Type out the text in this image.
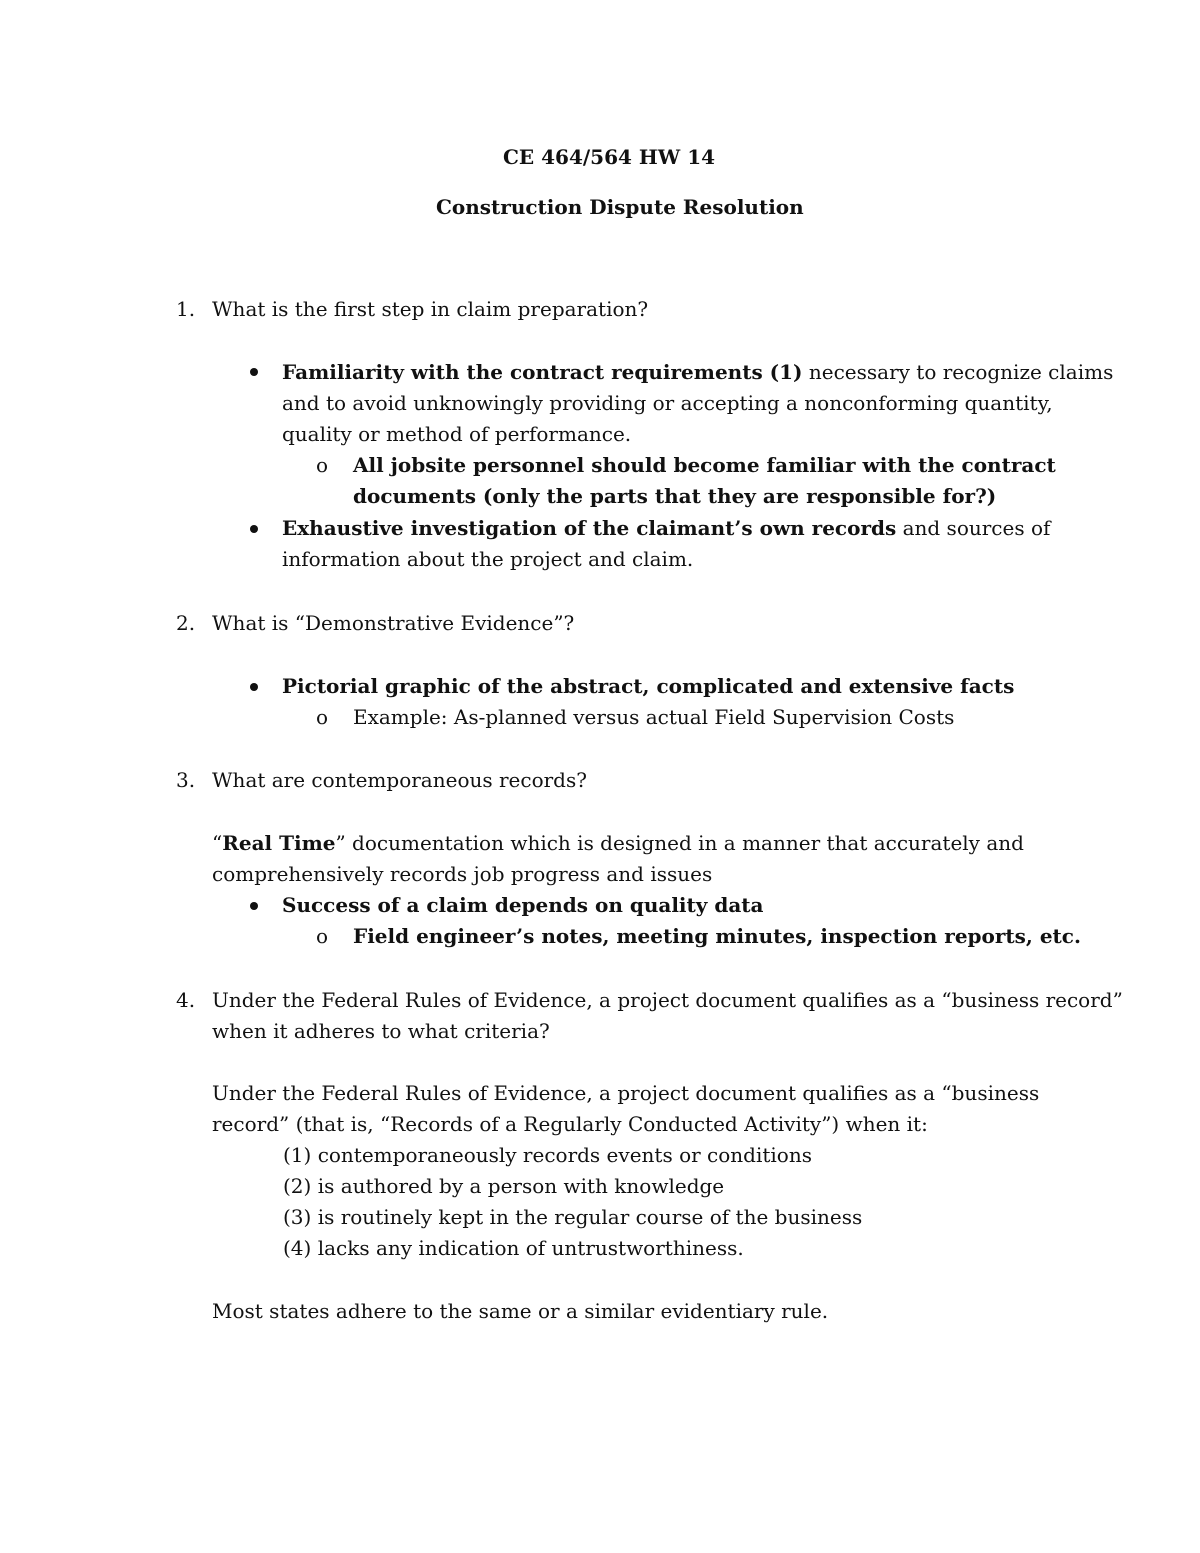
CE 464/564 HW 14
Construction Dispute Resolution
1. What is the first step in claim preparation?
Familiarity with the contract requirements (1) necessary to recognize claims
and to avoid unknowingly providing or accepting a nonconforming quantity,
quality or method of performance.
o All jobsite personnel should become familiar with the contract
documents (only the parts that they are responsible for?)
Exhaustive investigation of the claimant’s own records and sources of
information about the project and claim.
2. What is “Demonstrative Evidence”?
Pictorial graphic of the abstract, complicated and extensive facts
o Example: As-planned versus actual Field Supervision Costs
3. What are contemporaneous records?
“Real Time” documentation which is designed in a manner that accurately and
comprehensively records job progress and issues
Success of a claim depends on quality data
o Field engineer’s notes, meeting minutes, inspection reports, etc.
4. Under the Federal Rules of Evidence, a project document qualifies as a “business record”
when it adheres to what criteria?
Under the Federal Rules of Evidence, a project document qualifies as a “business
record” (that is, “Records of a Regularly Conducted Activity”) when it:
(1) contemporaneously records events or conditions
(2) is authored by a person with knowledge
(3) is routinely kept in the regular course of the business
(4) lacks any indication of untrustworthiness.
Most states adhere to the same or a similar evidentiary rule.
